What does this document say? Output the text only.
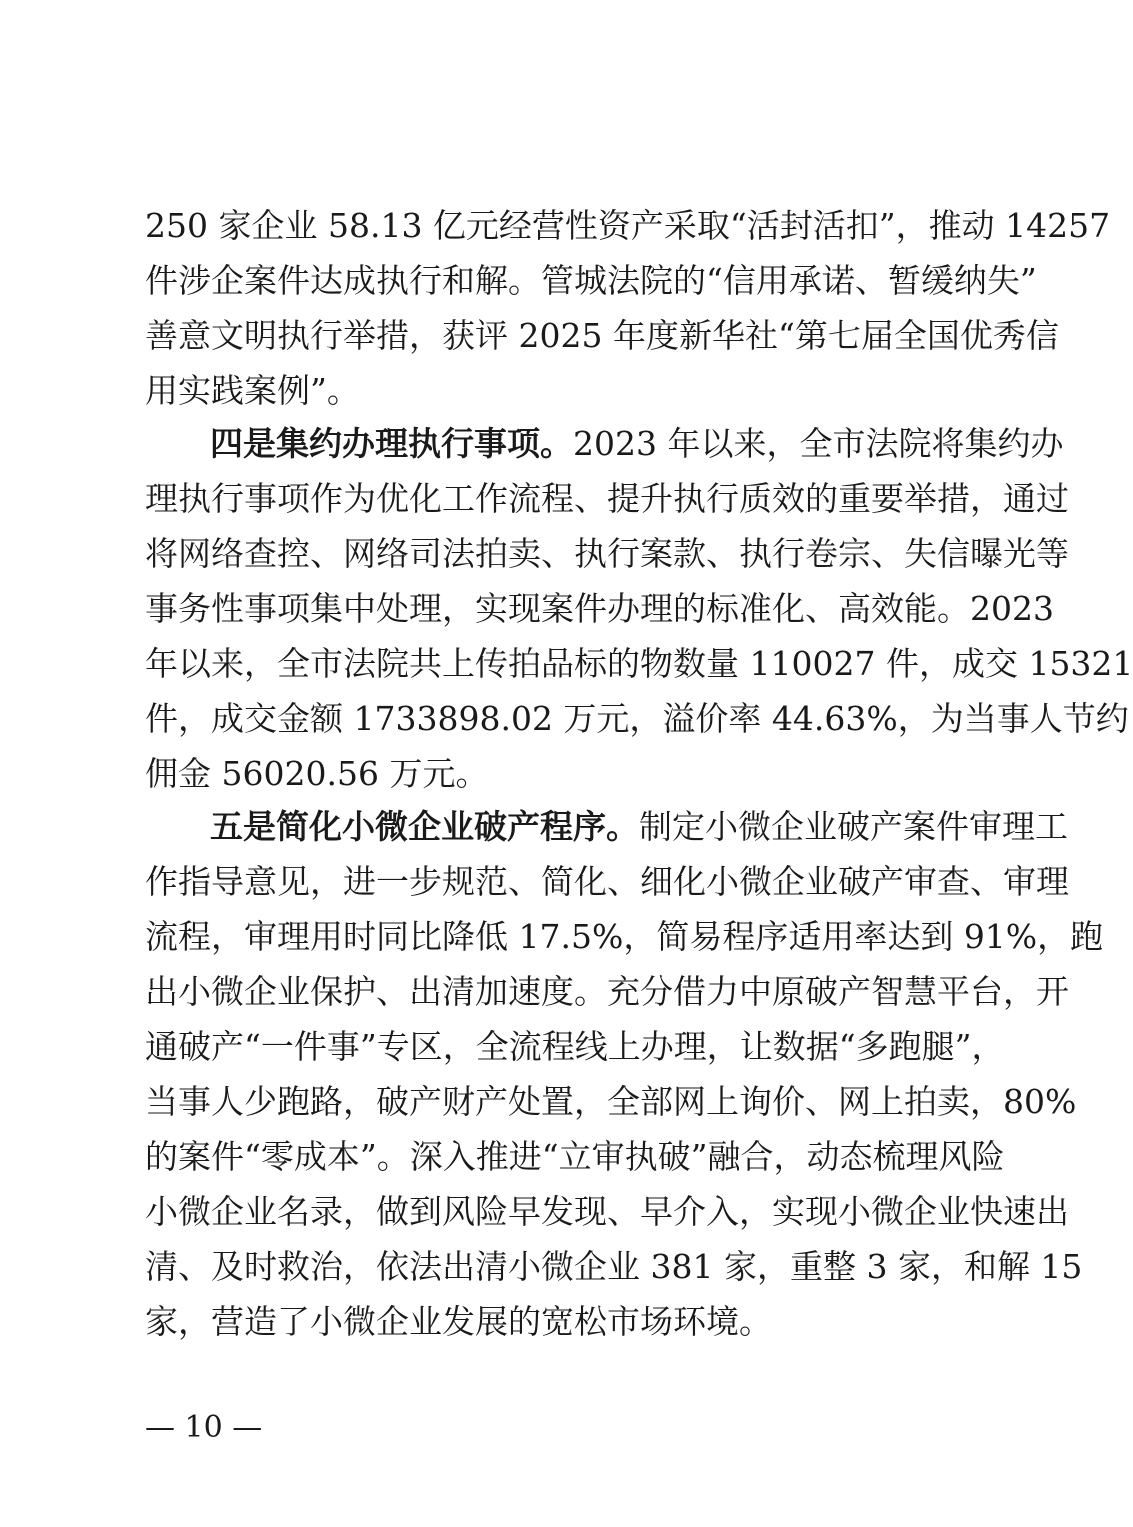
250 家企业 58.13 亿元经营性资产采取“活封活扣”，推动 14257
件涉企案件达成执行和解。管城法院的“信用承诺、暂缓纳失”
善意文明执行举措，获评 2025 年度新华社“第七届全国优秀信
用实践案例”。
四是集约办理执行事项。2023 年以来，全市法院将集约办
理执行事项作为优化工作流程、提升执行质效的重要举措，通过
将网络查控、网络司法拍卖、执行案款、执行卷宗、失信曝光等
事务性事项集中处理，实现案件办理的标准化、高效能。2023
年以来，全市法院共上传拍品标的物数量 110027 件，成交 15321
件，成交金额 1733898.02 万元，溢价率 44.63%，为当事人节约
佣金 56020.56 万元。
五是简化小微企业破产程序。制定小微企业破产案件审理工
作指导意见，进一步规范、简化、细化小微企业破产审查、审理
流程，审理用时同比降低 17.5%，简易程序适用率达到 91%，跑
出小微企业保护、出清加速度。充分借力中原破产智慧平台，开
通破产“一件事”专区，全流程线上办理，让数据“多跑腿”，
当事人少跑路，破产财产处置，全部网上询价、网上拍卖，80%
的案件“零成本”。深入推进“立审执破”融合，动态梳理风险
小微企业名录，做到风险早发现、早介入，实现小微企业快速出
清、及时救治，依法出清小微企业 381 家，重整 3 家，和解 15
家，营造了小微企业发展的宽松市场环境。
— 10 —
